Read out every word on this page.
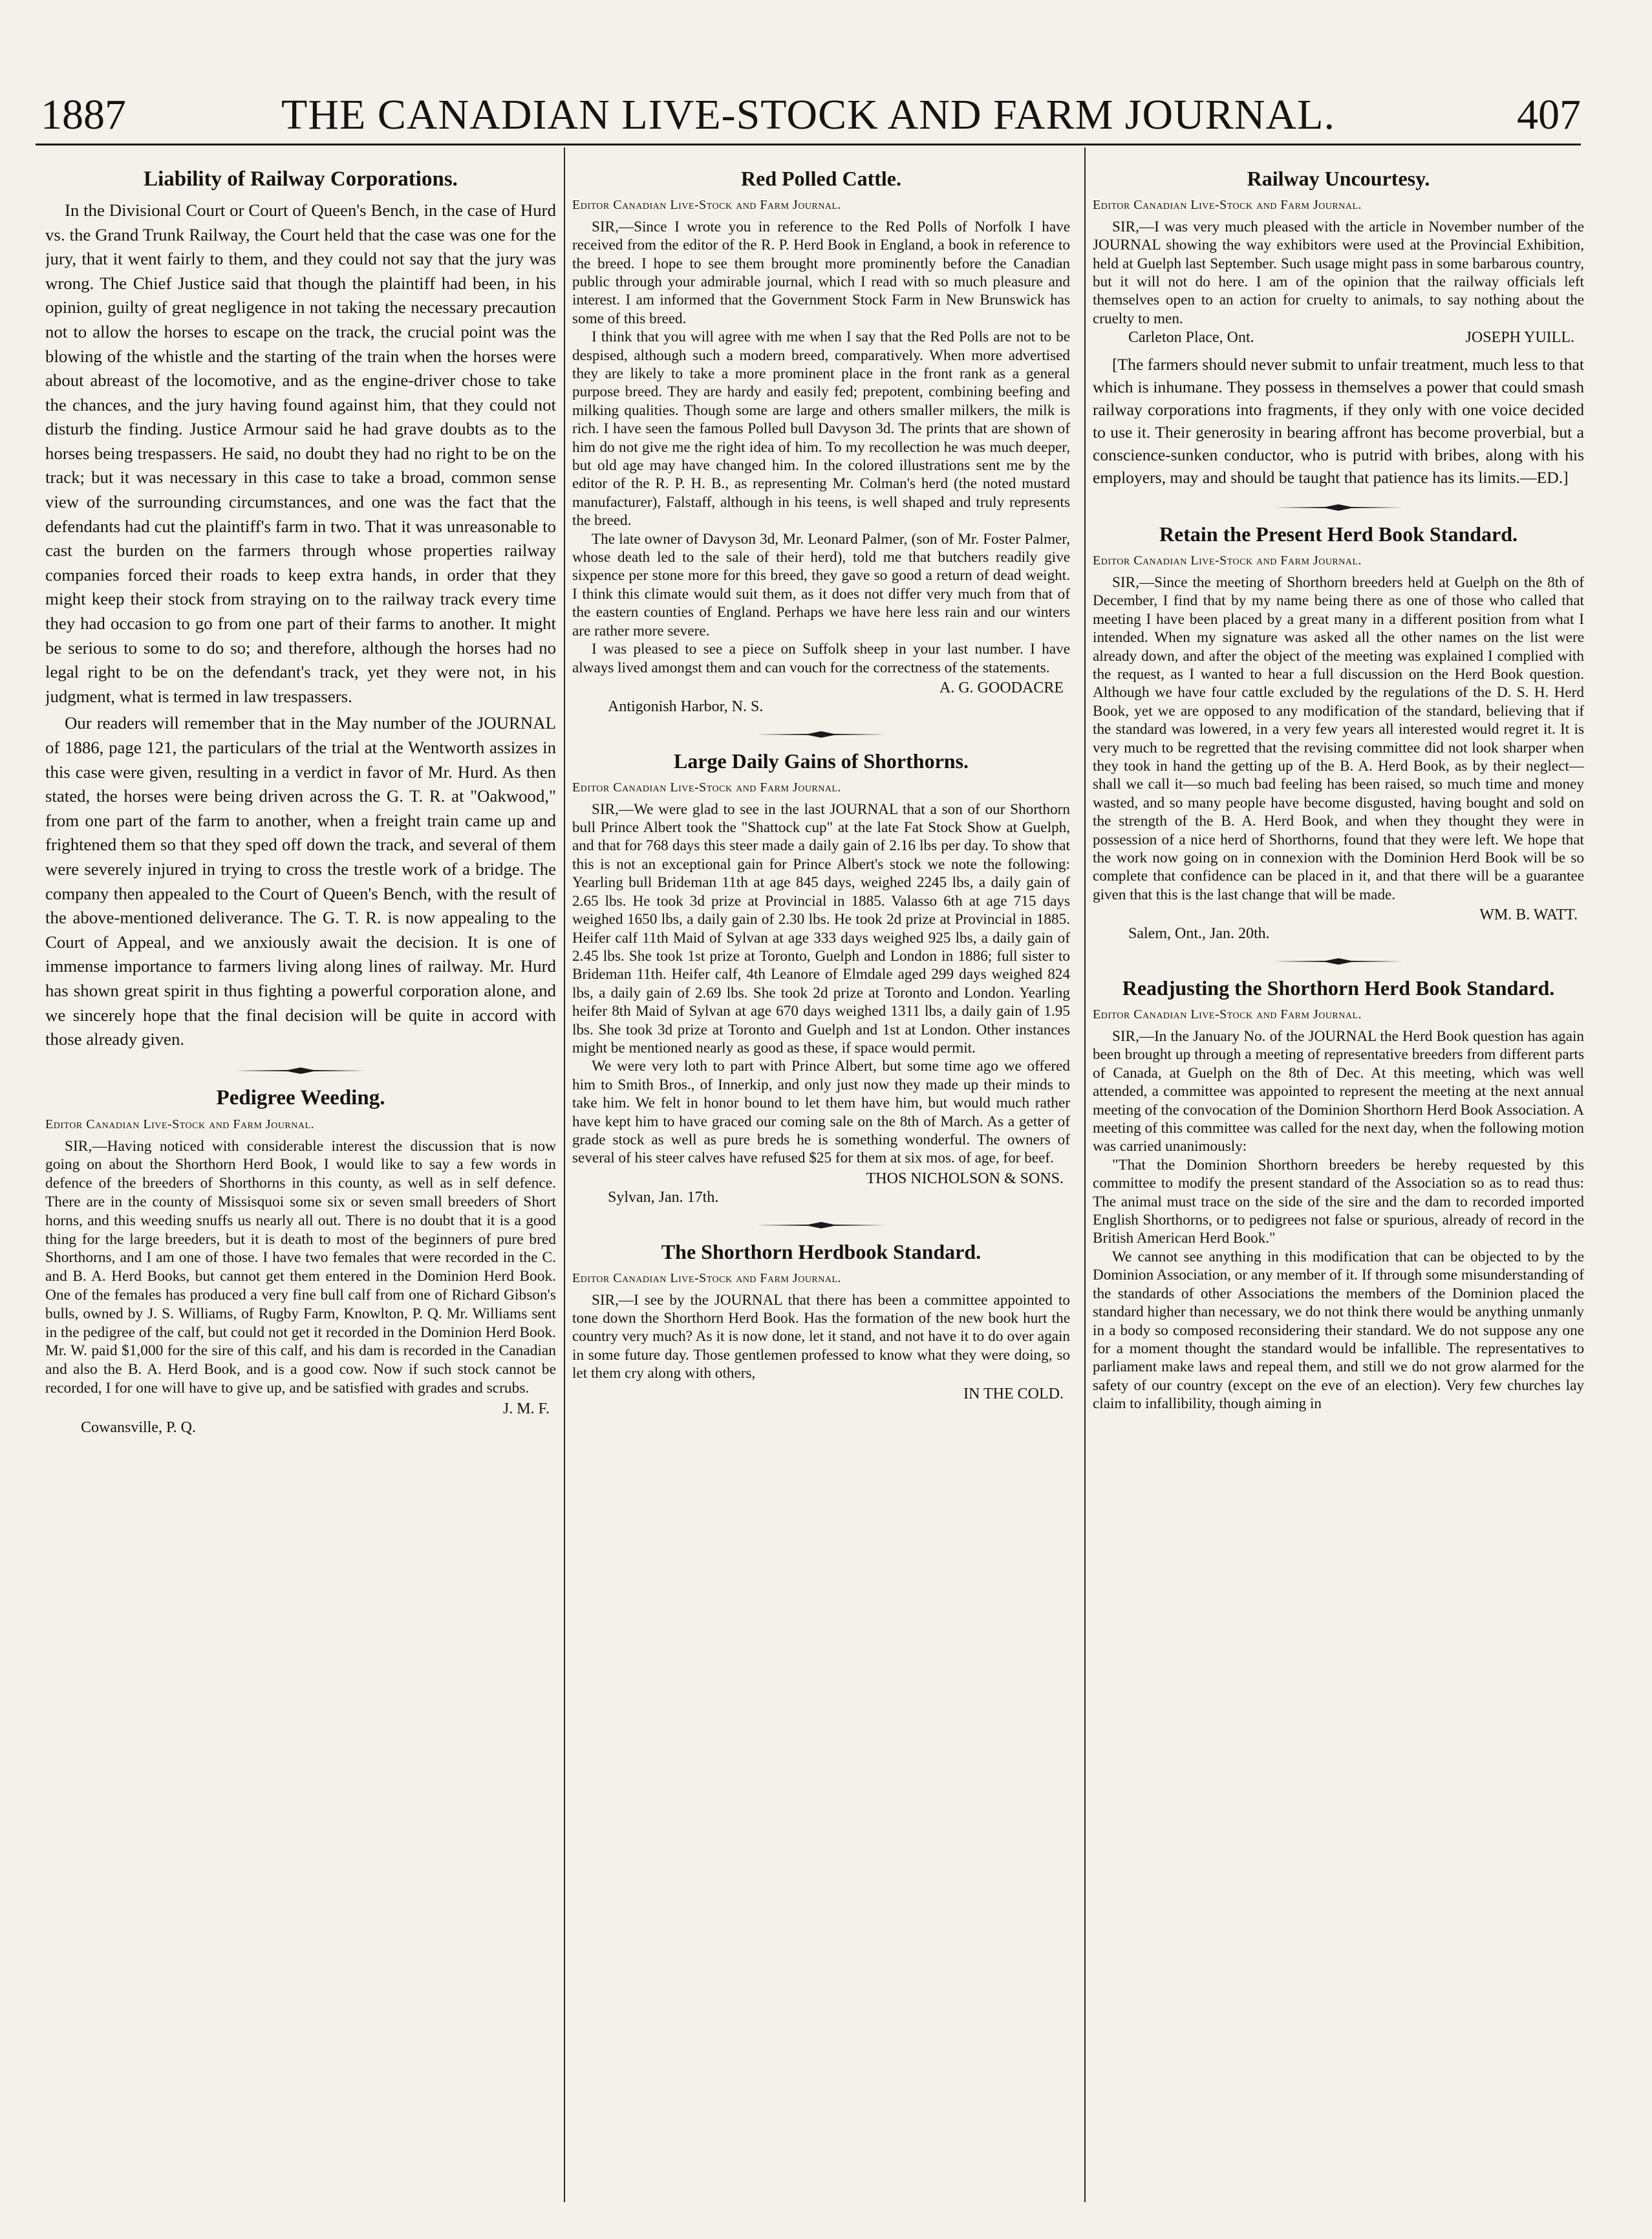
1887	THE CANADIAN LIVE-STOCK AND FARM JOURNAL.	407
Liability of Railway Corporations.

In the Divisional Court or Court of Queen's Bench, in the case of Hurd vs. the Grand Trunk Railway, the Court held that the case was one for the jury, that it went fairly to them, and they could not say that the jury was wrong. The Chief Justice said that though the plaintiff had been, in his opinion, guilty of great negligence in not taking the necessary precaution not to allow the horses to escape on the track, the crucial point was the blowing of the whistle and the starting of the train when the horses were about abreast of the locomotive, and as the engine-driver chose to take the chances, and the jury having found against him, that they could not disturb the finding. Justice Armour said he had grave doubts as to the horses being trespassers. He said, no doubt they had no right to be on the track; but it was necessary in this case to take a broad, common sense view of the surrounding circumstances, and one was the fact that the defendants had cut the plaintiff's farm in two. That it was unreasonable to cast the burden on the farmers through whose properties railway companies forced their roads to keep extra hands, in order that they might keep their stock from straying on to the railway track every time they had occasion to go from one part of their farms to another. It might be serious to some to do so; and therefore, although the horses had no legal right to be on the defendant's track, yet they were not, in his judgment, what is termed in law trespassers.

Our readers will remember that in the May number of the JOURNAL of 1886, page 121, the particulars of the trial at the Wentworth assizes in this case were given, resulting in a verdict in favor of Mr. Hurd. As then stated, the horses were being driven across the G. T. R. at "Oakwood," from one part of the farm to another, when a freight train came up and frightened them so that they sped off down the track, and several of them were severely injured in trying to cross the trestle work of a bridge. The company then appealed to the Court of Queen's Bench, with the result of the above-mentioned deliverance. The G. T. R. is now appealing to the Court of Appeal, and we anxiously await the decision. It is one of immense importance to farmers living along lines of railway. Mr. Hurd has shown great spirit in thus fighting a powerful corporation alone, and we sincerely hope that the final decision will be quite in accord with those already given.

Pedigree Weeding.
Editor Canadian Live-Stock and Farm Journal.

SIR,—Having noticed with considerable interest the discussion that is now going on about the Shorthorn Herd Book, I would like to say a few words in defence of the breeders of Shorthorns in this county, as well as in self defence. There are in the county of Missisquoi some six or seven small breeders of Short horns, and this weeding snuffs us nearly all out. There is no doubt that it is a good thing for the large breeders, but it is death to most of the beginners of pure bred Shorthorns, and I am one of those. I have two females that were recorded in the C. and B. A. Herd Books, but cannot get them entered in the Dominion Herd Book. One of the females has produced a very fine bull calf from one of Richard Gibson's bulls, owned by J. S. Williams, of Rugby Farm, Knowlton, P. Q. Mr. Williams sent in the pedigree of the calf, but could not get it recorded in the Dominion Herd Book. Mr. W. paid $1,000 for the sire of this calf, and his dam is recorded in the Canadian and also the B. A. Herd Book, and is a good cow. Now if such stock cannot be recorded, I for one will have to give up, and be satisfied with grades and scrubs.

J. M. F.
Cowansville, P. Q.
Red Polled Cattle.
Editor Canadian Live-Stock and Farm Journal.

SIR,—Since I wrote you in reference to the Red Polls of Norfolk I have received from the editor of the R. P. Herd Book in England, a book in reference to the breed. I hope to see them brought more prominently before the Canadian public through your admirable journal, which I read with so much pleasure and interest. I am informed that the Government Stock Farm in New Brunswick has some of this breed.

I think that you will agree with me when I say that the Red Polls are not to be despised, although such a modern breed, comparatively. When more advertised they are likely to take a more prominent place in the front rank as a general purpose breed. They are hardy and easily fed; prepotent, combining beefing and milking qualities. Though some are large and others smaller milkers, the milk is rich. I have seen the famous Polled bull Davyson 3d. The prints that are shown of him do not give me the right idea of him. To my recollection he was much deeper, but old age may have changed him. In the colored illustrations sent me by the editor of the R. P. H. B., as representing Mr. Colman's herd (the noted mustard manufacturer), Falstaff, although in his teens, is well shaped and truly represents the breed.

The late owner of Davyson 3d, Mr. Leonard Palmer, (son of Mr. Foster Palmer, whose death led to the sale of their herd), told me that butchers readily give sixpence per stone more for this breed, they gave so good a return of dead weight. I think this climate would suit them, as it does not differ very much from that of the eastern counties of England. Perhaps we have here less rain and our winters are rather more severe.

I was pleased to see a piece on Suffolk sheep in your last number. I have always lived amongst them and can vouch for the correctness of the statements.

A. G. GOODACRE
Antigonish Harbor, N. S.
Large Daily Gains of Shorthorns.
Editor Canadian Live-Stock and Farm Journal.

SIR,—We were glad to see in the last JOURNAL that a son of our Shorthorn bull Prince Albert took the "Shattock cup" at the late Fat Stock Show at Guelph, and that for 768 days this steer made a daily gain of 2.16 lbs per day. To show that this is not an exceptional gain for Prince Albert's stock we note the following: Yearling bull Brideman 11th at age 845 days, weighed 2245 lbs, a daily gain of 2.65 lbs. He took 3d prize at Provincial in 1885. Valasso 6th at age 715 days weighed 1650 lbs, a daily gain of 2.30 lbs. He took 2d prize at Provincial in 1885. Heifer calf 11th Maid of Sylvan at age 333 days weighed 925 lbs, a daily gain of 2.45 lbs. She took 1st prize at Toronto, Guelph and London in 1886; full sister to Brideman 11th. Heifer calf, 4th Leanore of Elmdale aged 299 days weighed 824 lbs, a daily gain of 2.69 lbs. She took 2d prize at Toronto and London. Yearling heifer 8th Maid of Sylvan at age 670 days weighed 1311 lbs, a daily gain of 1.95 lbs. She took 3d prize at Toronto and Guelph and 1st at London. Other instances might be mentioned nearly as good as these, if space would permit.

We were very loth to part with Prince Albert, but some time ago we offered him to Smith Bros., of Innerkip, and only just now they made up their minds to take him. We felt in honor bound to let them have him, but would much rather have kept him to have graced our coming sale on the 8th of March. As a getter of grade stock as well as pure breds he is something wonderful. The owners of several of his steer calves have refused $25 for them at six mos. of age, for beef.

THOS NICHOLSON & SONS.
Sylvan, Jan. 17th.
The Shorthorn Herdbook Standard.
Editor Canadian Live-Stock and Farm Journal.

SIR,—I see by the JOURNAL that there has been a committee appointed to tone down the Shorthorn Herd Book. Has the formation of the new book hurt the country very much? As it is now done, let it stand, and not have it to do over again in some future day. Those gentlemen professed to know what they were doing, so let them cry along with others,

IN THE COLD.
Railway Uncourtesy.
Editor Canadian Live-Stock and Farm Journal.

SIR,—I was very much pleased with the article in November number of the JOURNAL showing the way exhibitors were used at the Provincial Exhibition, held at Guelph last September. Such usage might pass in some barbarous country, but it will not do here. I am of the opinion that the railway officials left themselves open to an action for cruelty to animals, to say nothing about the cruelty to men.

Carleton Place, Ont.	JOSEPH YUILL.

[The farmers should never submit to unfair treatment, much less to that which is inhumane. They possess in themselves a power that could smash railway corporations into fragments, if they only with one voice decided to use it. Their generosity in bearing affront has become proverbial, but a conscience-sunken conductor, who is putrid with bribes, along with his employers, may and should be taught that patience has its limits.—ED.]

Retain the Present Herd Book Standard.
Editor Canadian Live-Stock and Farm Journal.

SIR,—Since the meeting of Shorthorn breeders held at Guelph on the 8th of December, I find that by my name being there as one of those who called that meeting I have been placed by a great many in a different position from what I intended. When my signature was asked all the other names on the list were already down, and after the object of the meeting was explained I complied with the request, as I wanted to hear a full discussion on the Herd Book question. Although we have four cattle excluded by the regulations of the D. S. H. Herd Book, yet we are opposed to any modification of the standard, believing that if the standard was lowered, in a very few years all interested would regret it. It is very much to be regretted that the revising committee did not look sharper when they took in hand the getting up of the B. A. Herd Book, as by their neglect—shall we call it—so much bad feeling has been raised, so much time and money wasted, and so many people have become disgusted, having bought and sold on the strength of the B. A. Herd Book, and when they thought they were in possession of a nice herd of Shorthorns, found that they were left. We hope that the work now going on in connexion with the Dominion Herd Book will be so complete that confidence can be placed in it, and that there will be a guarantee given that this is the last change that will be made.

WM. B. WATT.
Salem, Ont., Jan. 20th.
Readjusting the Shorthorn Herd Book Standard.
Editor Canadian Live-Stock and Farm Journal.

SIR,—In the January No. of the JOURNAL the Herd Book question has again been brought up through a meeting of representative breeders from different parts of Canada, at Guelph on the 8th of Dec. At this meeting, which was well attended, a committee was appointed to represent the meeting at the next annual meeting of the convocation of the Dominion Shorthorn Herd Book Association. A meeting of this committee was called for the next day, when the following motion was carried unanimously:

"That the Dominion Shorthorn breeders be hereby requested by this committee to modify the present standard of the Association so as to read thus: The animal must trace on the side of the sire and the dam to recorded imported English Shorthorns, or to pedigrees not false or spurious, already of record in the British American Herd Book."

We cannot see anything in this modification that can be objected to by the Dominion Association, or any member of it. If through some misunderstanding of the standards of other Associations the members of the Dominion placed the standard higher than necessary, we do not think there would be anything unmanly in a body so composed reconsidering their standard. We do not suppose any one for a moment thought the standard would be infallible. The representatives to parliament make laws and repeal them, and still we do not grow alarmed for the safety of our country (except on the eve of an election). Very few churches lay claim to infallibility, though aiming in
